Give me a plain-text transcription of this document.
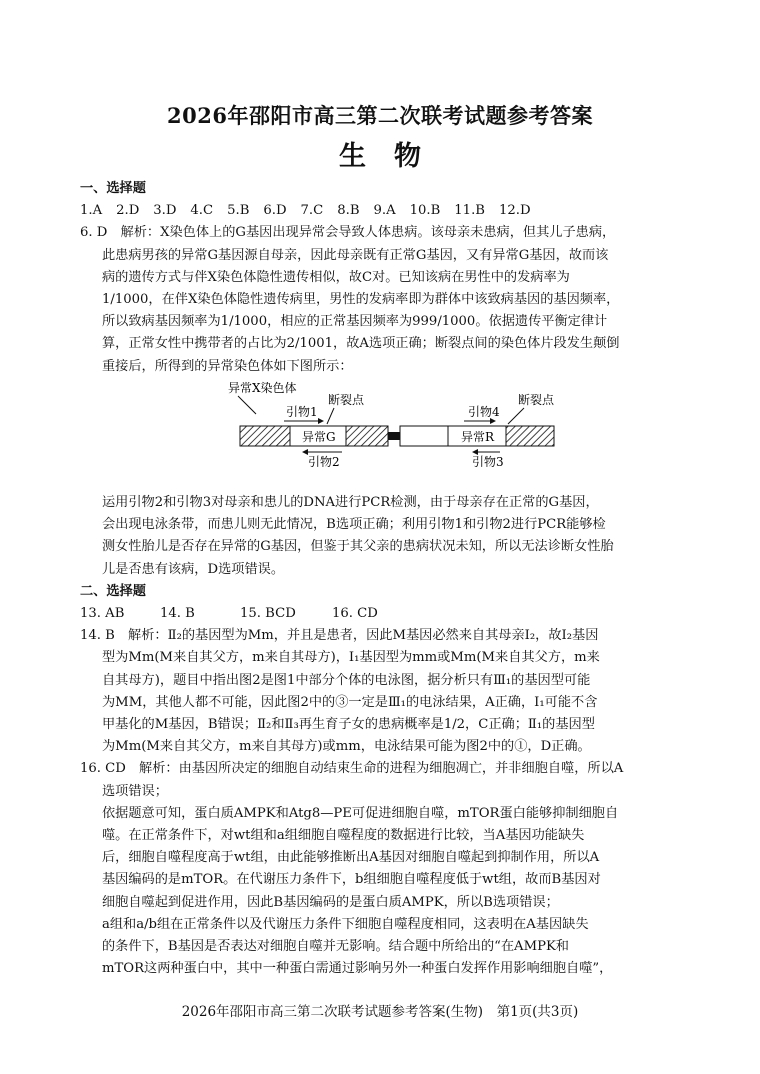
2026年邵阳市高三第二次联考试题参考答案
生物

一、选择题

1.A 2.D 3.D 4.C 5.B 6.D 7.C 8.B 9.A 10.B 11.B 12.D
6. D　解析：X染色体上的G基因出现异常会导致人体患病。该母亲未患病，但其儿子患病，
此患病男孩的异常G基因源自母亲，因此母亲既有正常G基因，又有异常G基因，故而该
病的遗传方式与伴X染色体隐性遗传相似，故C对。已知该病在男性中的发病率为
1/1000，在伴X染色体隐性遗传病里，男性的发病率即为群体中该致病基因的基因频率，
所以致病基因频率为1/1000，相应的正常基因频率为999/1000。依据遗传平衡定律计
算，正常女性中携带者的占比为2/1001，故A选项正确；断裂点间的染色体片段发生颠倒
重接后，所得到的异常染色体如下图所示：
异常X染色体
断裂点
引物1
异常G	异常R
引物2
引物4
断裂点
引物3
运用引物2和引物3对母亲和患儿的DNA进行PCR检测，由于母亲存在正常的G基因，
会出现电泳条带，而患儿则无此情况，B选项正确；利用引物1和引物2进行PCR能够检
测女性胎儿是否存在异常的G基因，但鉴于其父亲的患病状况未知，所以无法诊断女性胎
儿是否患有该病，D选项错误。

二、选择题

13. AB	14. B	15. BCD	16. CD
14. B　解析：Ⅱ₂的基因型为Mm，并且是患者，因此M基因必然来自其母亲Ⅰ₂，故Ⅰ₂基因
型为Mm(M来自其父方，m来自其母方)，Ⅰ₁基因型为mm或Mm(M来自其父方，m来
自其母方)，题目中指出图2是图1中部分个体的电泳图，据分析只有Ⅲ₁的基因型可能
为MM，其他人都不可能，因此图2中的③一定是Ⅲ₁的电泳结果，A正确，Ⅰ₁可能不含
甲基化的M基因，B错误；Ⅱ₂和Ⅱ₃再生育子女的患病概率是1/2，C正确；Ⅱ₁的基因型
为Mm(M来自其父方，m来自其母方)或mm，电泳结果可能为图2中的①，D正确。
16. CD　解析：由基因所决定的细胞自动结束生命的进程为细胞凋亡，并非细胞自噬，所以A
选项错误；
依据题意可知，蛋白质AMPK和Atg8—PE可促进细胞自噬，mTOR蛋白能够抑制细胞自
噬。在正常条件下，对wt组和a组细胞自噬程度的数据进行比较，当A基因功能缺失
后，细胞自噬程度高于wt组，由此能够推断出A基因对细胞自噬起到抑制作用，所以A
基因编码的是mTOR。在代谢压力条件下，b组细胞自噬程度低于wt组，故而B基因对
细胞自噬起到促进作用，因此B基因编码的是蛋白质AMPK，所以B选项错误；
a组和a/b组在正常条件以及代谢压力条件下细胞自噬程度相同，这表明在A基因缺失
的条件下，B基因是否表达对细胞自噬并无影响。结合题中所给出的“在AMPK和
mTOR这两种蛋白中，其中一种蛋白需通过影响另外一种蛋白发挥作用影响细胞自噬”，
2026年邵阳市高三第二次联考试题参考答案(生物)　第1页(共3页)
